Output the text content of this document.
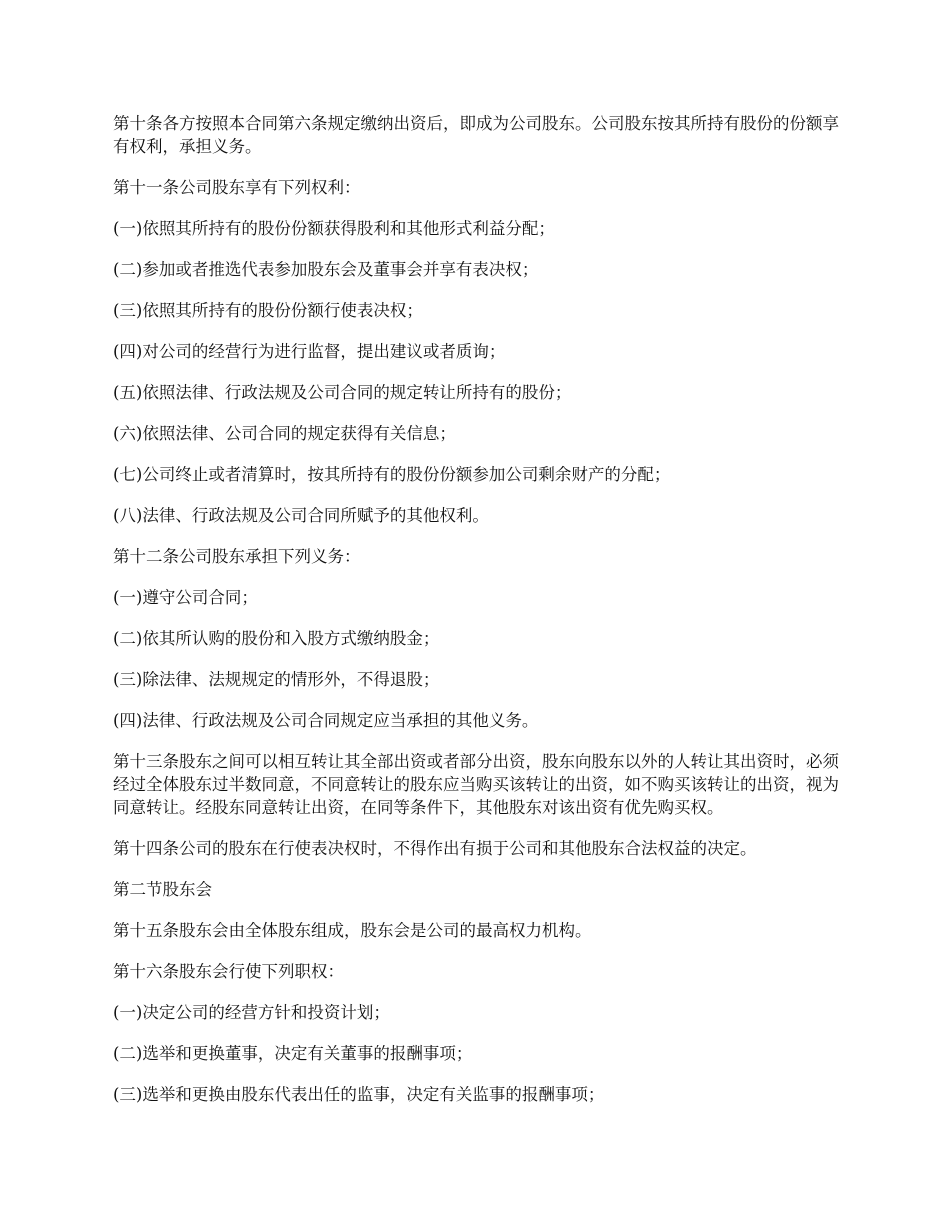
第十条各方按照本合同第六条规定缴纳出资后，即成为公司股东。公司股东按其所持有股份的份额享有权利，承担义务。

第十一条公司股东享有下列权利：

(一)依照其所持有的股份份额获得股利和其他形式利益分配；

(二)参加或者推选代表参加股东会及董事会并享有表决权；

(三)依照其所持有的股份份额行使表决权；

(四)对公司的经营行为进行监督，提出建议或者质询；

(五)依照法律、行政法规及公司合同的规定转让所持有的股份；

(六)依照法律、公司合同的规定获得有关信息；

(七)公司终止或者清算时，按其所持有的股份份额参加公司剩余财产的分配；

(八)法律、行政法规及公司合同所赋予的其他权利。

第十二条公司股东承担下列义务：

(一)遵守公司合同；

(二)依其所认购的股份和入股方式缴纳股金；

(三)除法律、法规规定的情形外，不得退股；

(四)法律、行政法规及公司合同规定应当承担的其他义务。

第十三条股东之间可以相互转让其全部出资或者部分出资，股东向股东以外的人转让其出资时，必须经过全体股东过半数同意，不同意转让的股东应当购买该转让的出资，如不购买该转让的出资，视为同意转让。经股东同意转让出资，在同等条件下，其他股东对该出资有优先购买权。

第十四条公司的股东在行使表决权时，不得作出有损于公司和其他股东合法权益的决定。

第二节股东会

第十五条股东会由全体股东组成，股东会是公司的最高权力机构。

第十六条股东会行使下列职权：

(一)决定公司的经营方针和投资计划；

(二)选举和更换董事，决定有关董事的报酬事项；

(三)选举和更换由股东代表出任的监事，决定有关监事的报酬事项；
